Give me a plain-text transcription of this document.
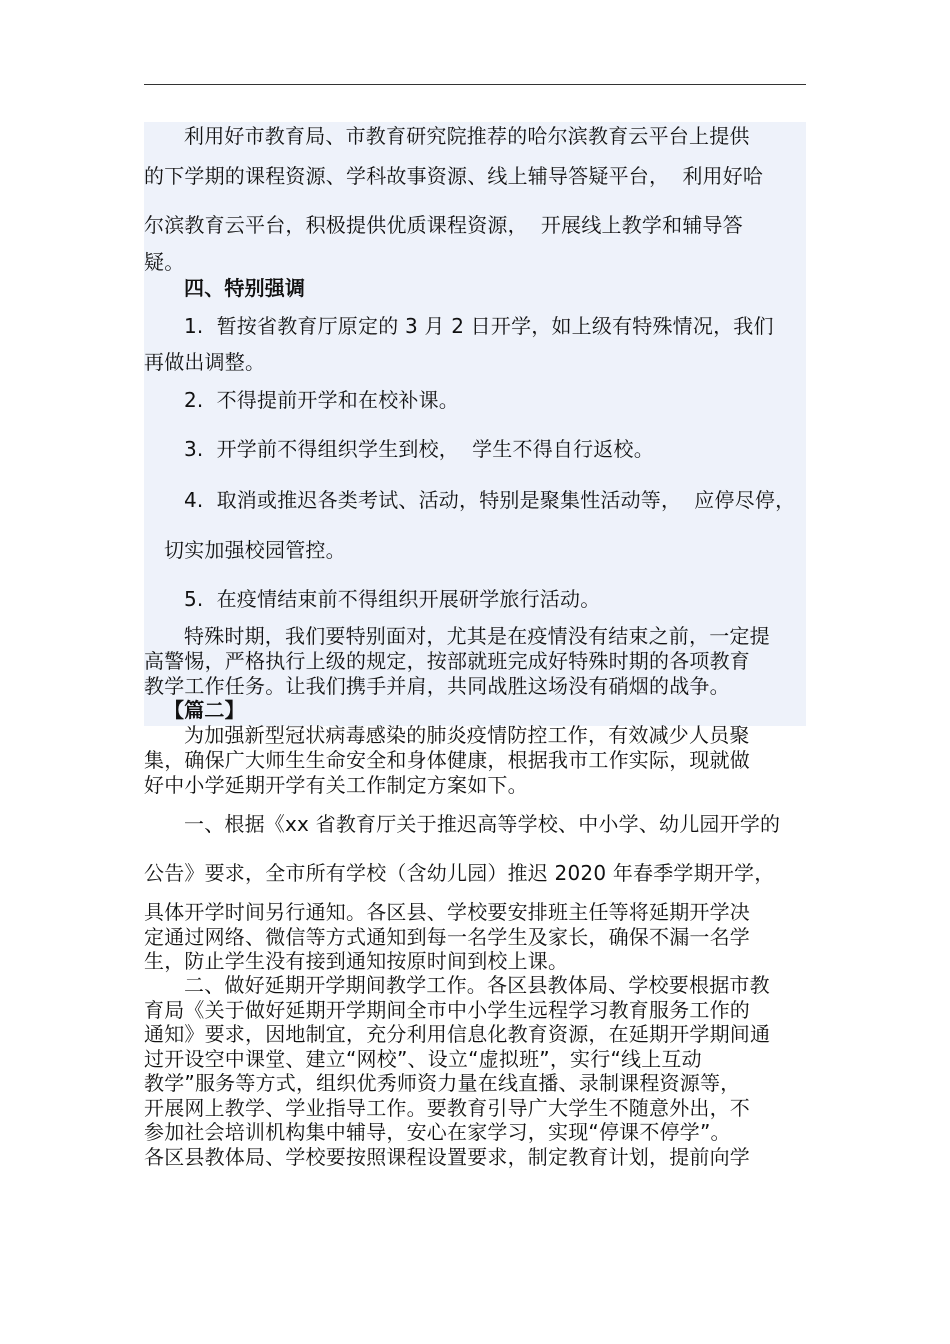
利用好市教育局、市教育研究院推荐的哈尔滨教育云平台上提供
的下学期的课程资源、学科故事资源、线上辅导答疑平台，  利用好哈
尔滨教育云平台，积极提供优质课程资源，  开展线上教学和辅导答
疑。
四、特别强调
1.  暂按省教育厅原定的 3 月 2 日开学，如上级有特殊情况，我们
再做出调整。
2.  不得提前开学和在校补课。
3.  开学前不得组织学生到校，  学生不得自行返校。
4.  取消或推迟各类考试、活动，特别是聚集性活动等，  应停尽停，
切实加强校园管控。
5.  在疫情结束前不得组织开展研学旅行活动。
特殊时期，我们要特别面对，尤其是在疫情没有结束之前，一定提
高警惕，严格执行上级的规定，按部就班完成好特殊时期的各项教育
教学工作任务。让我们携手并肩，共同战胜这场没有硝烟的战争。
【篇二】
为加强新型冠状病毒感染的肺炎疫情防控工作，有效减少人员聚
集，确保广大师生生命安全和身体健康，根据我市工作实际，现就做
好中小学延期开学有关工作制定方案如下。
一、根据《xx 省教育厅关于推迟高等学校、中小学、幼儿园开学的
公告》要求，全市所有学校（含幼儿园）推迟 2020 年春季学期开学，
具体开学时间另行通知。各区县、学校要安排班主任等将延期开学决
定通过网络、微信等方式通知到每一名学生及家长，确保不漏一名学
生，防止学生没有接到通知按原时间到校上课。
二、做好延期开学期间教学工作。各区县教体局、学校要根据市教
育局《关于做好延期开学期间全市中小学生远程学习教育服务工作的
通知》要求，因地制宜，充分利用信息化教育资源，在延期开学期间通
过开设空中课堂、建立“网校”、设立“虚拟班”，实行“线上互动
教学”服务等方式，组织优秀师资力量在线直播、录制课程资源等，
开展网上教学、学业指导工作。要教育引导广大学生不随意外出，不
参加社会培训机构集中辅导，安心在家学习，实现“停课不停学”。
各区县教体局、学校要按照课程设置要求，制定教育计划，提前向学
